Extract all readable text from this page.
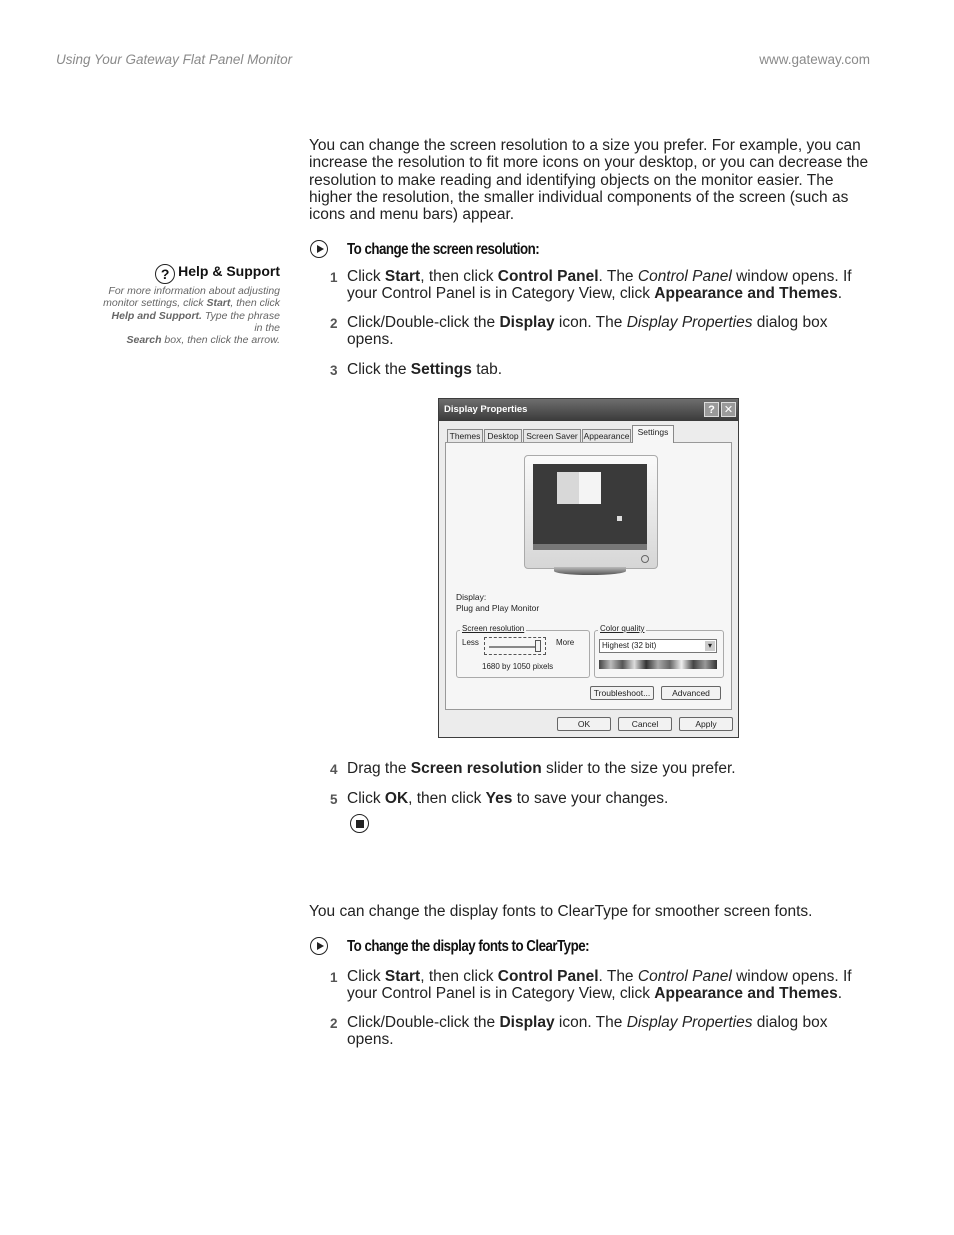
Using Your Gateway Flat Panel Monitor	www.gateway.com
You can change the screen resolution to a size you prefer. For example, you can increase the resolution to fit more icons on your desktop, or you can decrease the resolution to make reading and identifying objects on the monitor easier. The higher the resolution, the smaller individual components of the screen (such as icons and menu bars) appear.
? Help & Support
For more information about adjusting
monitor settings, click Start, then click
Help and Support. Type the phrase
in the
Search box, then click the arrow.
To change the screen resolution:
1 Click Start, then click Control Panel. The Control Panel window opens. If your Control Panel is in Category View, click Appearance and Themes.
2 Click/Double-click the Display icon. The Display Properties dialog box opens.
3 Click the Settings tab.
Display Properties	? ✕
Themes Desktop Screen Saver Appearance Settings
Display:
Plug and Play Monitor
Screen resolution
Less	More
1680 by 1050 pixels
Color quality
Highest (32 bit)	▾
Troubleshoot...	Advanced
OK	Cancel	Apply
4 Drag the Screen resolution slider to the size you prefer.
5 Click OK, then click Yes to save your changes.
You can change the display fonts to ClearType for smoother screen fonts.
To change the display fonts to ClearType:
1 Click Start, then click Control Panel. The Control Panel window opens. If your Control Panel is in Category View, click Appearance and Themes.
2 Click/Double-click the Display icon. The Display Properties dialog box opens.
